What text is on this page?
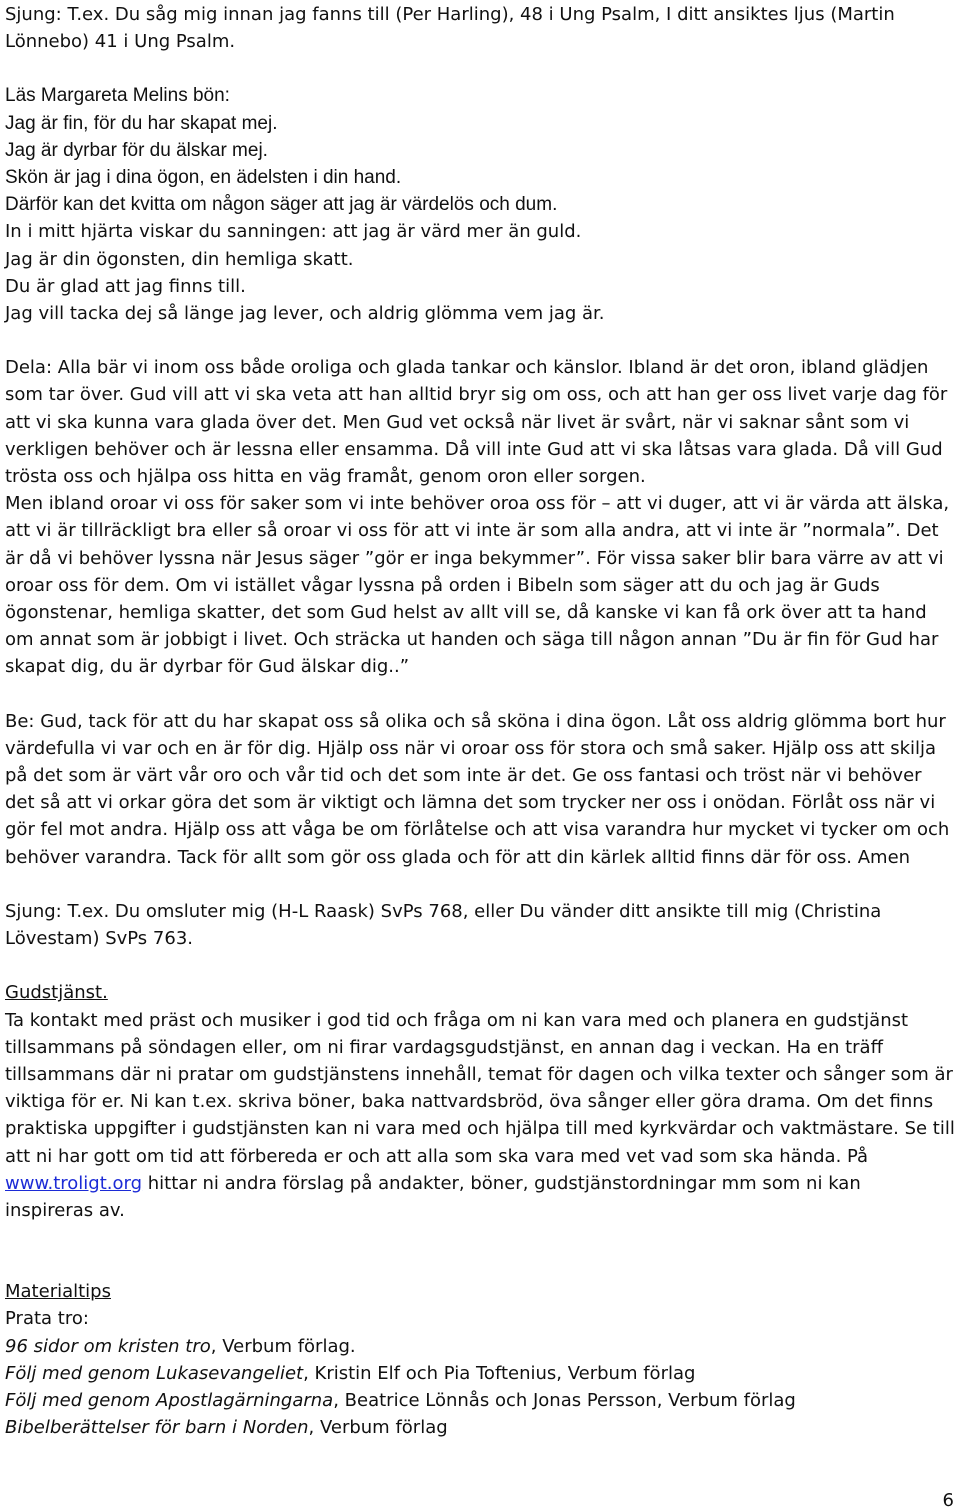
Sjung: T.ex. Du såg mig innan jag fanns till (Per Harling), 48 i Ung Psalm, I ditt ansiktes ljus (Martin
Lönnebo) 41 i Ung Psalm.
Läs Margareta Melins bön:
Jag är fin, för du har skapat mej.
Jag är dyrbar för du älskar mej.
Skön är jag i dina ögon, en ädelsten i din hand.
Därför kan det kvitta om någon säger att jag är värdelös och dum.
In i mitt hjärta viskar du sanningen: att jag är värd mer än guld.
Jag är din ögonsten, din hemliga skatt.
Du är glad att jag finns till.
Jag vill tacka dej så länge jag lever, och aldrig glömma vem jag är.
Dela: Alla bär vi inom oss både oroliga och glada tankar och känslor. Ibland är det oron, ibland glädjen
som tar över. Gud vill att vi ska veta att han alltid bryr sig om oss, och att han ger oss livet varje dag för
att vi ska kunna vara glada över det. Men Gud vet också när livet är svårt, när vi saknar sånt som vi
verkligen behöver och är lessna eller ensamma. Då vill inte Gud att vi ska låtsas vara glada. Då vill Gud
trösta oss och hjälpa oss hitta en väg framåt, genom oron eller sorgen.
Men ibland oroar vi oss för saker som vi inte behöver oroa oss för – att vi duger, att vi är värda att älska,
att vi är tillräckligt bra eller så oroar vi oss för att vi inte är som alla andra, att vi inte är ”normala”. Det
är då vi behöver lyssna när Jesus säger ”gör er inga bekymmer”. För vissa saker blir bara värre av att vi
oroar oss för dem. Om vi istället vågar lyssna på orden i Bibeln som säger att du och jag är Guds
ögonstenar, hemliga skatter, det som Gud helst av allt vill se, då kanske vi kan få ork över att ta hand
om annat som är jobbigt i livet. Och sträcka ut handen och säga till någon annan ”Du är fin för Gud har
skapat dig, du är dyrbar för Gud älskar dig..”
Be: Gud, tack för att du har skapat oss så olika och så sköna i dina ögon. Låt oss aldrig glömma bort hur
värdefulla vi var och en är för dig. Hjälp oss när vi oroar oss för stora och små saker. Hjälp oss att skilja
på det som är värt vår oro och vår tid och det som inte är det. Ge oss fantasi och tröst när vi behöver
det så att vi orkar göra det som är viktigt och lämna det som trycker ner oss i onödan. Förlåt oss när vi
gör fel mot andra. Hjälp oss att våga be om förlåtelse och att visa varandra hur mycket vi tycker om och
behöver varandra. Tack för allt som gör oss glada och för att din kärlek alltid finns där för oss. Amen
Sjung: T.ex. Du omsluter mig (H-L Raask) SvPs 768, eller Du vänder ditt ansikte till mig (Christina
Lövestam) SvPs 763.
Gudstjänst.
Ta kontakt med präst och musiker i god tid och fråga om ni kan vara med och planera en gudstjänst
tillsammans på söndagen eller, om ni firar vardagsgudstjänst, en annan dag i veckan. Ha en träff
tillsammans där ni pratar om gudstjänstens innehåll, temat för dagen och vilka texter och sånger som är
viktiga för er. Ni kan t.ex. skriva böner, baka nattvardsbröd, öva sånger eller göra drama. Om det finns
praktiska uppgifter i gudstjänsten kan ni vara med och hjälpa till med kyrkvärdar och vaktmästare. Se till
att ni har gott om tid att förbereda er och att alla som ska vara med vet vad som ska hända. På
www.troligt.org hittar ni andra förslag på andakter, böner, gudstjänstordningar mm som ni kan
inspireras av.
Materialtips
Prata tro:
96 sidor om kristen tro, Verbum förlag.
Följ med genom Lukasevangeliet, Kristin Elf och Pia Toftenius, Verbum förlag
Följ med genom Apostlagärningarna, Beatrice Lönnås och Jonas Persson, Verbum förlag
Bibelberättelser för barn i Norden, Verbum förlag
6
